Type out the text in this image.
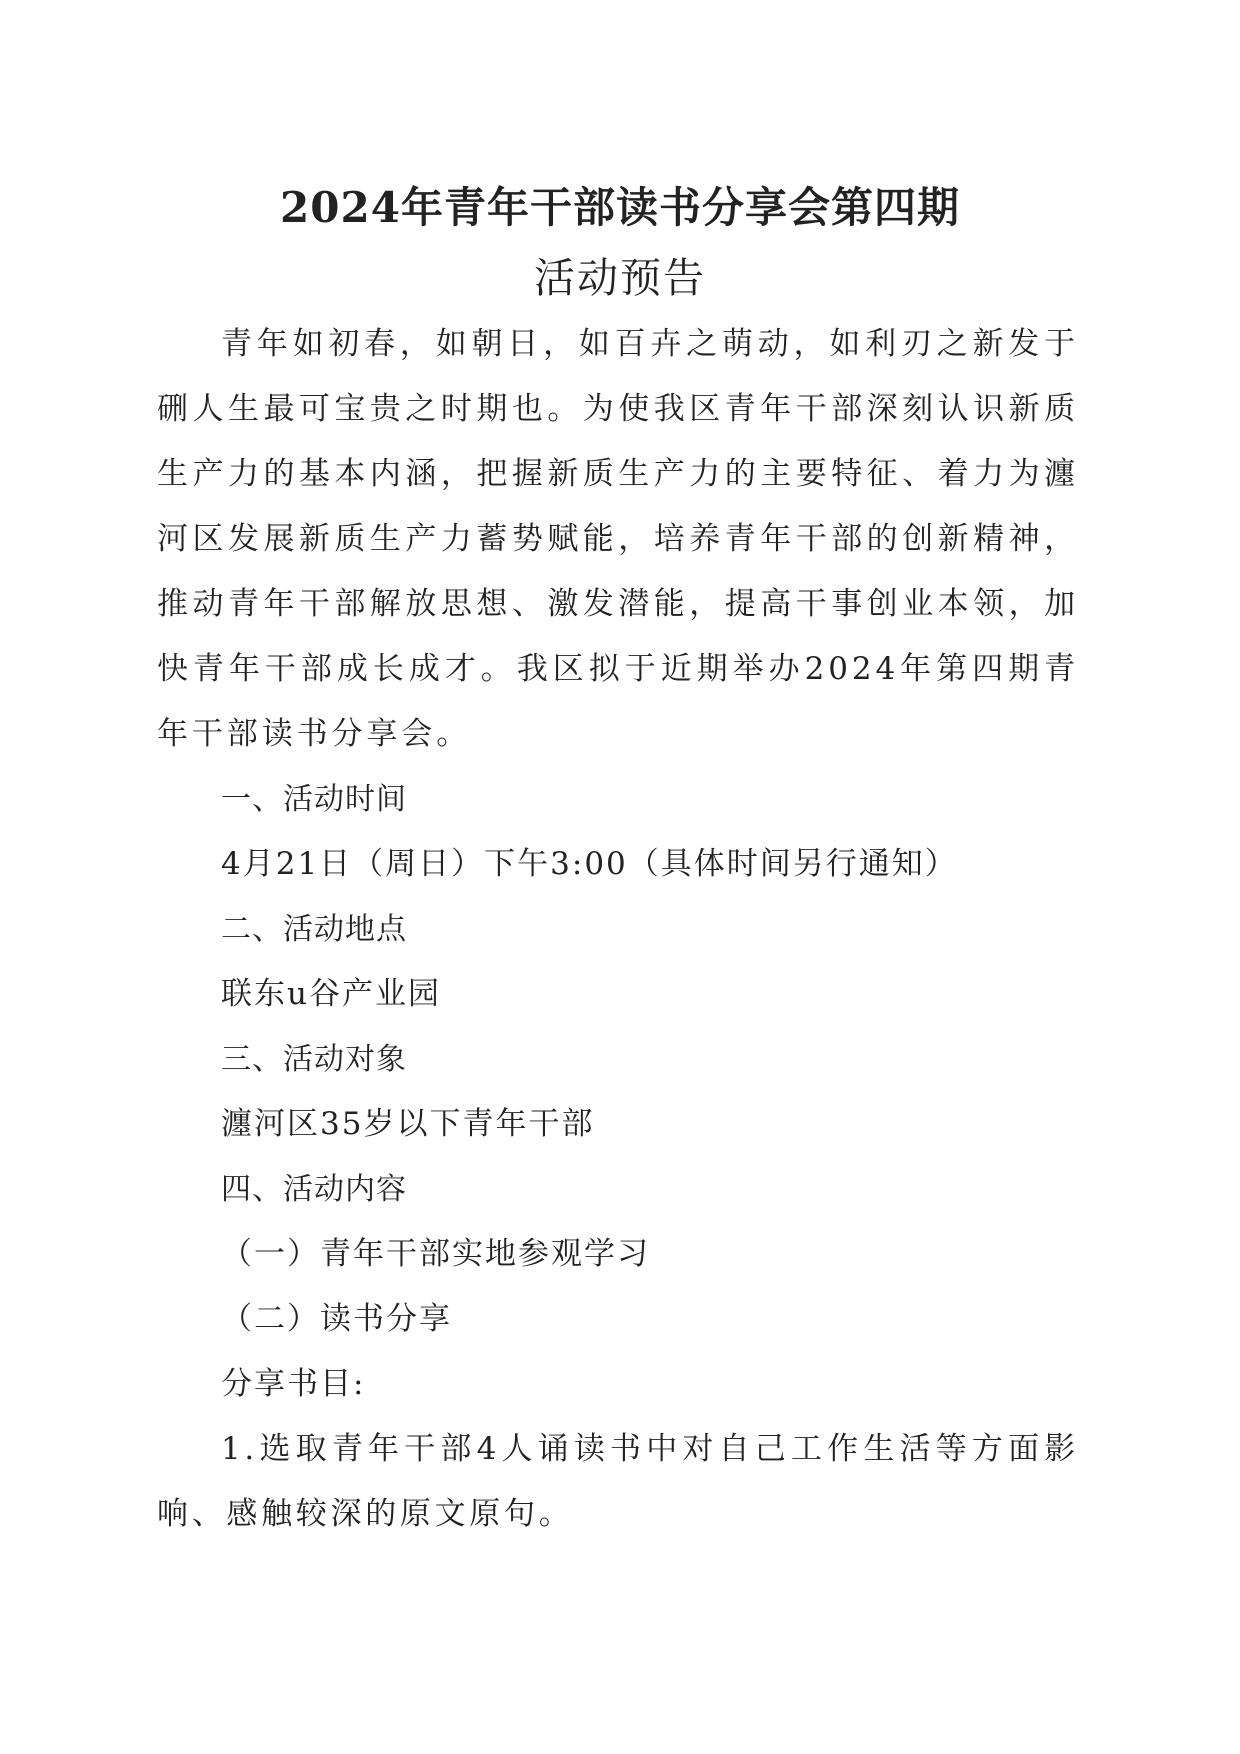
2024年青年干部读书分享会第四期
活动预告

青年如初春，如朝日，如百卉之萌动，如利刃之新发于硎人生最可宝贵之时期也。为使我区青年干部深刻认识新质生产力的基本内涵，把握新质生产力的主要特征、着力为瀍河区发展新质生产力蓄势赋能，培养青年干部的创新精神，推动青年干部解放思想、激发潜能，提高干事创业本领，加快青年干部成长成才。我区拟于近期举办2024年第四期青年干部读书分享会。

一、活动时间

4月21日（周日）下午3:00（具体时间另行通知）

二、活动地点

联东u谷产业园

三、活动对象

瀍河区35岁以下青年干部

四、活动内容

（一）青年干部实地参观学习

（二）读书分享

分享书目:

1.选取青年干部4人诵读书中对自己工作生活等方面影响、感触较深的原文原句。
